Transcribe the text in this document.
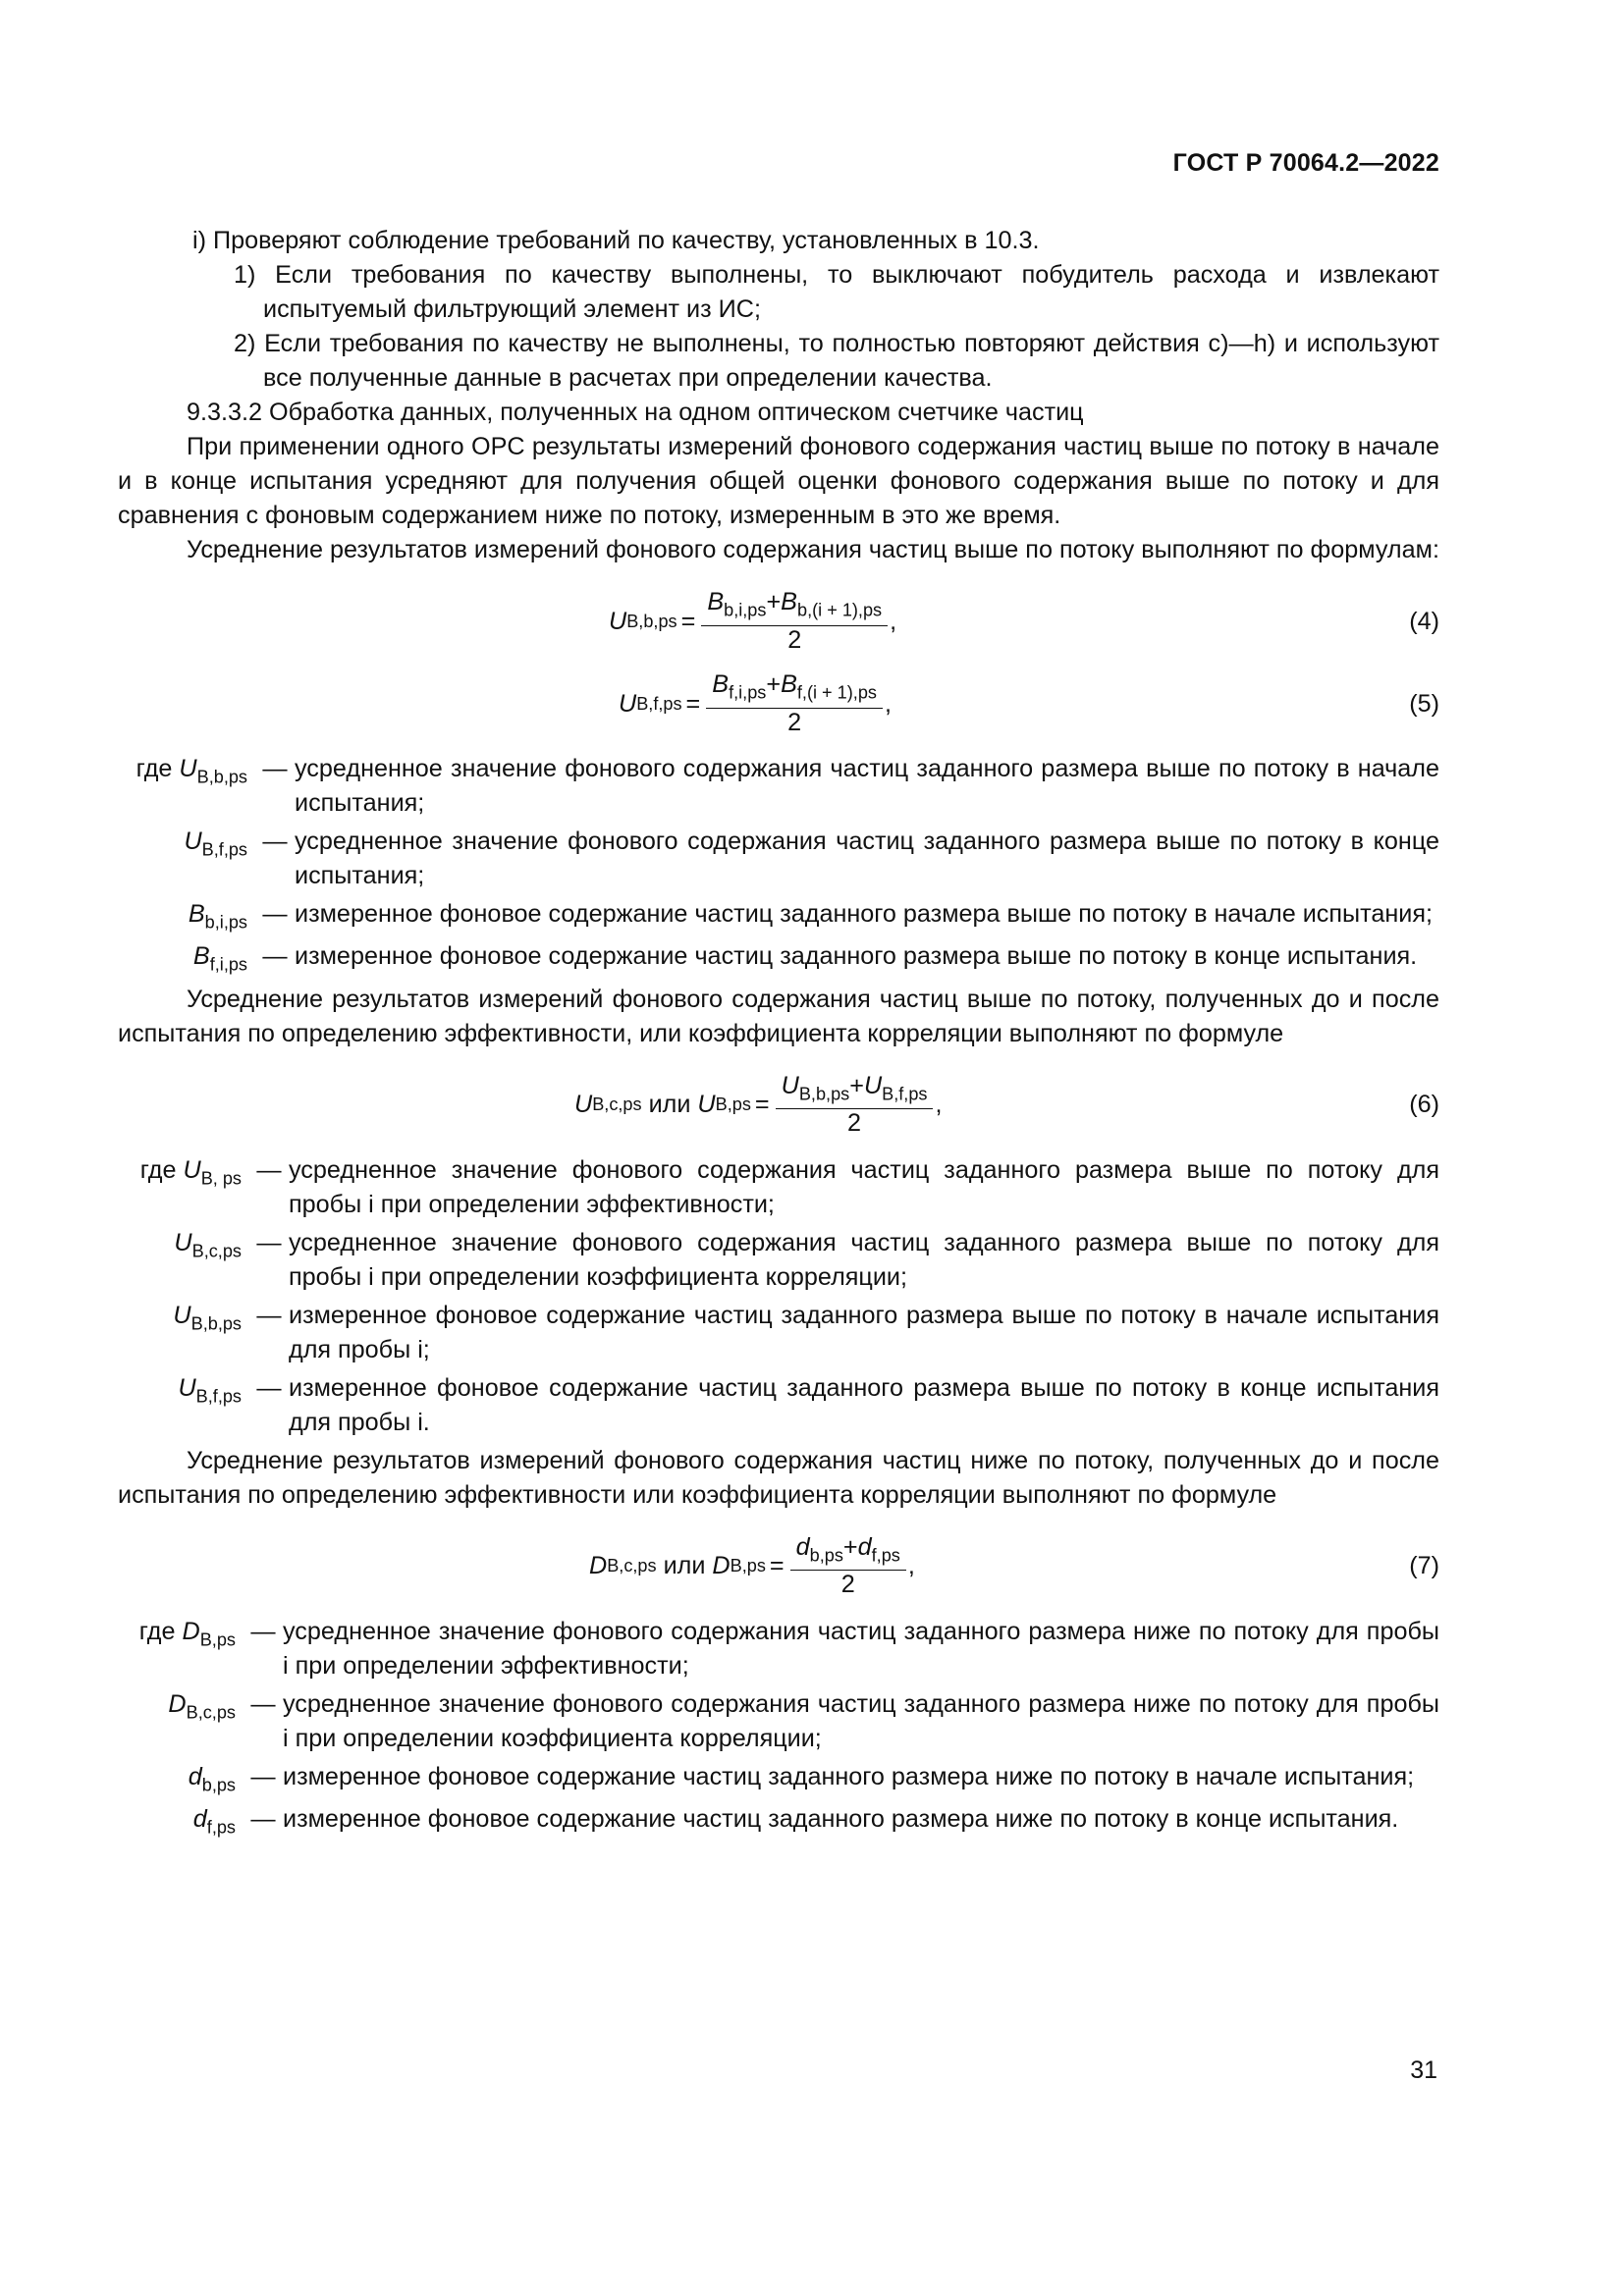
ГОСТ Р 70064.2—2022

i) Проверяют соблюдение требований по качеству, установленных в 10.3.

1) Если требования по качеству выполнены, то выключают побудитель расхода и извлекают испытуемый фильтрующий элемент из ИС;

2) Если требования по качеству не выполнены, то полностью повторяют действия с)—h) и используют все полученные данные в расчетах при определении качества.

9.3.3.2 Обработка данных, полученных на одном оптическом счетчике частиц

При применении одного OPC результаты измерений фонового содержания частиц выше по потоку в начале и в конце испытания усредняют для получения общей оценки фонового содержания выше по потоку и для сравнения с фоновым содержанием ниже по потоку, измеренным в это же время.

Усреднение результатов измерений фонового содержания частиц выше по потоку выполняют по формулам:

U $B,b,ps = \frac{B_{b,i,ps}+B_{b,(i + 1),ps}}{2}$ ,	(4)
U $B,f,ps = \frac{B_{f,i,ps}+B_{f,(i + 1),ps}}{2}$ ,	(5)
где $U_{B,b,ps}$ — усредненное значение фонового содержания частиц заданного размера выше по потоку в начале испытания;
$U_{B,f,ps}$ — усредненное значение фонового содержания частиц заданного размера выше по потоку в конце испытания;
$B_{b,i,ps}$ — измеренное фоновое содержание частиц заданного размера выше по потоку в начале испытания;
$B_{f,i,ps}$ — измеренное фоновое содержание частиц заданного размера выше по потоку в конце испытания.

Усреднение результатов измерений фонового содержания частиц выше по потоку, полученных до и после испытания по определению эффективности, или коэффициента корреляции выполняют по формуле

U B,c,ps
или
U $B,ps = \frac{U_{B,b,ps}+U_{B,f,ps}}{2}$ ,	(6)
где $U_{B, ps}$ — усредненное значение фонового содержания частиц заданного размера выше по потоку для пробы i при определении эффективности;
$U_{B,c,ps}$ — усредненное значение фонового содержания частиц заданного размера выше по потоку для пробы i при определении коэффициента корреляции;
$U_{B,b,ps}$ — измеренное фоновое содержание частиц заданного размера выше по потоку в начале испытания для пробы i;
$U_{B,f,ps}$ — измеренное фоновое содержание частиц заданного размера выше по потоку в конце испытания для пробы i.

Усреднение результатов измерений фонового содержания частиц ниже по потоку, полученных до и после испытания по определению эффективности или коэффициента корреляции выполняют по формуле

D B,c,ps
или
D $B,ps = \frac{d_{b,ps}+d_{f,ps}}{2}$ ,	(7)
где $D_{B,ps}$ — усредненное значение фонового содержания частиц заданного размера ниже по потоку для пробы i при определении эффективности;
$D_{B,c,ps}$ — усредненное значение фонового содержания частиц заданного размера ниже по потоку для пробы i при определении коэффициента корреляции;
$d_{b,ps}$ — измеренное фоновое содержание частиц заданного размера ниже по потоку в начале испытания;
$d_{f,ps}$ — измеренное фоновое содержание частиц заданного размера ниже по потоку в конце испытания.
31
